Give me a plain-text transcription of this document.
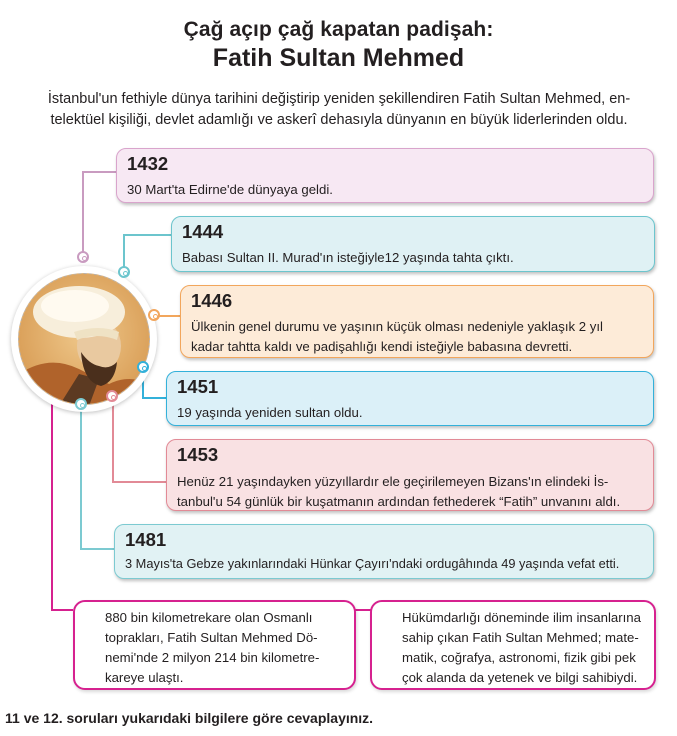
Çağ açıp çağ kapatan padişah:
Fatih Sultan Mehmed
İstanbul'un fethiyle dünya tarihini değiştirip yeniden şekillendiren Fatih Sultan Mehmed, en-
telektüel kişiliği, devlet adamlığı ve askerî dehasıyla dünyanın en büyük liderlerinden oldu.
1432
30 Mart'ta Edirne'de dünyaya geldi.
1444
Babası Sultan II. Murad'ın isteğiyle12 yaşında tahta çıktı.
1446
Ülkenin genel durumu ve yaşının küçük olması nedeniyle yaklaşık 2 yıl
kadar tahtta kaldı ve padişahlığı kendi isteğiyle babasına devretti.
1451
19 yaşında yeniden sultan oldu.
1453
Henüz 21 yaşındayken yüzyıllardır ele geçirilemeyen Bizans'ın elindeki İs-
tanbul'u 54 günlük bir kuşatmanın ardından fethederek “Fatih” unvanını aldı.
1481
3 Mayıs'ta Gebze yakınlarındaki Hünkar Çayırı'ndaki ordugâhında 49 yaşında vefat etti.
880 bin kilometrekare olan Osmanlı
toprakları, Fatih Sultan Mehmed Dö-
nemi'nde 2 milyon 214 bin kilometre-
kareye ulaştı.
Hükümdarlığı döneminde ilim insanlarına
sahip çıkan Fatih Sultan Mehmed; mate-
matik, coğrafya, astronomi, fizik gibi pek
çok alanda da yetenek ve bilgi sahibiydi.
11 ve 12. soruları yukarıdaki bilgilere göre cevaplayınız.
